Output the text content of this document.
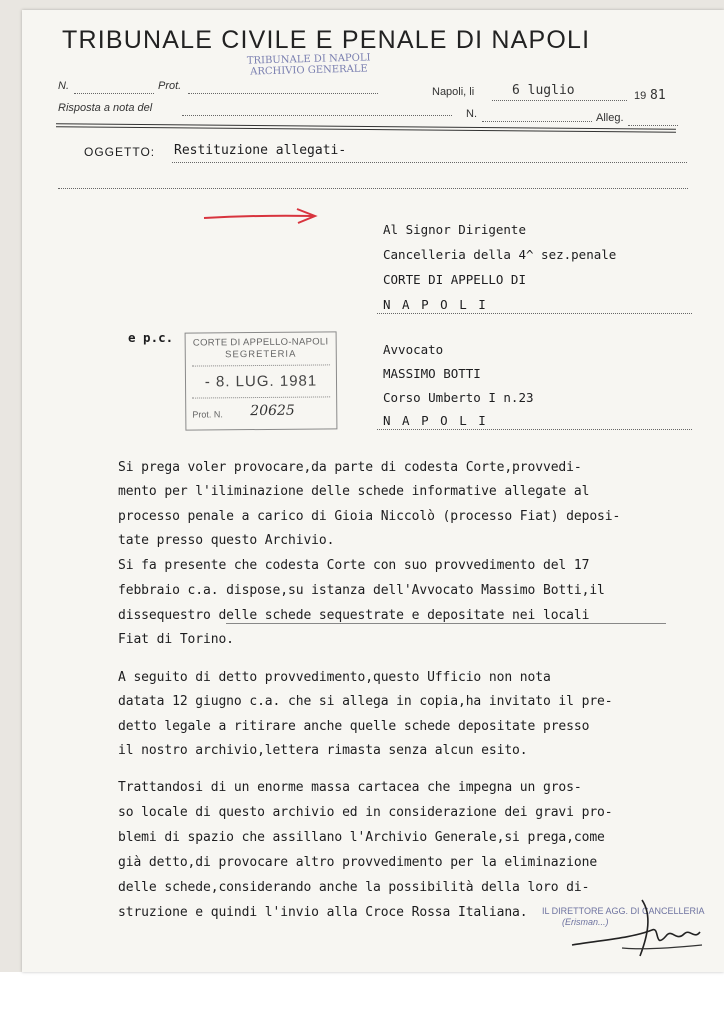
TRIBUNALE CIVILE E PENALE DI NAPOLI
TRIBUNALE DI NAPOLI
ARCHIVIO GENERALE
N.	Prot.	Napoli, li	6 luglio	19 81
Risposta a nota del	N.	Alleg.
OGGETTO: Restituzione allegati-
Al Signor Dirigente
Cancelleria della 4^ sez.penale
CORTE DI APPELLO DI
N A P O L I
e p.c.	CORTE DI APPELLO-NAPOLI
SEGRETERIA
- 8. LUG. 1981
Prot. N. 20625
Avvocato
MASSIMO BOTTI
Corso Umberto I n.23
N A P O L I
Si prega voler provocare,da parte di codesta Corte,provvedi-
mento per l'iliminazione delle schede informative allegate al
processo penale a carico di Gioia Niccolò (processo Fiat) deposi-
tate presso questo Archivio.
Si fa presente che codesta Corte con suo provvedimento del 17
febbraio c.a. dispose,su istanza dell'Avvocato Massimo Botti,il
dissequestro delle schede sequestrate e depositate nei locali
Fiat di Torino.
A seguito di detto provvedimento,questo Ufficio non nota
datata 12 giugno c.a. che si allega in copia,ha invitato il pre-
detto legale a ritirare anche quelle schede depositate presso
il nostro archivio,lettera rimasta senza alcun esito.
Trattandosi di un enorme massa cartacea che impegna un gros-
so locale di questo archivio ed in considerazione dei gravi pro-
blemi di spazio che assillano l'Archivio Generale,si prega,come
già detto,di provocare altro provvedimento per la eliminazione
delle schede,considerando anche la possibilità della loro di-
struzione e quindi l'invio alla Croce Rossa Italiana. IL DIRETTORE AGG. DI CANCELLERIA
(Erisman...)
